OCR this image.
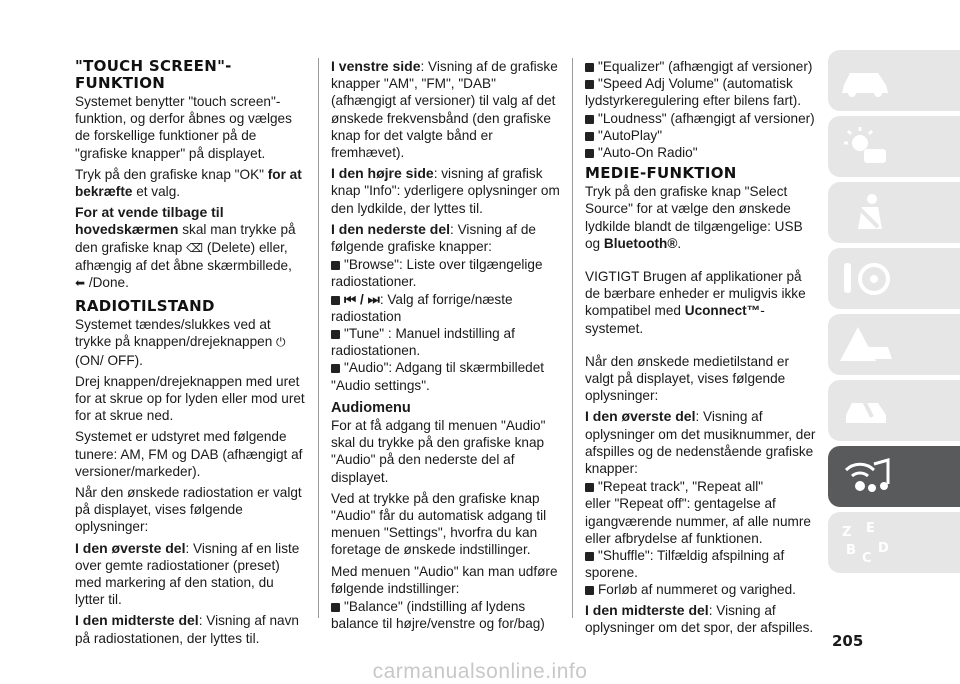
"TOUCH SCREEN"-
FUNKTION

Systemet benytter "touch screen"-funktion, og derfor åbnes og vælges de forskellige funktioner på de "grafiske knapper" på displayet.

Tryk på den grafiske knap "OK" for at bekræfte et valg.

For at vende tilbage til hovedskærmen skal man trykke på den grafiske knap ⌫ (Delete) eller, afhængig af det åbne skærmbillede, ⬅ /Done.

RADIOTILSTAND

Systemet tændes/slukkes ved at trykke på knappen/drejeknappen ⏻ (ON/ OFF).

Drej knappen/drejeknappen med uret for at skrue op for lyden eller mod uret for at skrue ned.

Systemet er udstyret med følgende tunere: AM, FM og DAB (afhængigt af versioner/markeder).

Når den ønskede radiostation er valgt på displayet, vises følgende oplysninger:

I den øverste del: Visning af en liste over gemte radiostationer (preset) med markering af den station, du lytter til.

I den midterste del: Visning af navn på radiostationen, der lyttes til.

I venstre side: Visning af de grafiske knapper "AM", "FM", "DAB" (afhængigt af versioner) til valg af det ønskede frekvensbånd (den grafiske knap for det valgte bånd er fremhævet).

I den højre side: visning af grafisk knap "Info": yderligere oplysninger om den lydkilde, der lyttes til.

I den nederste del: Visning af de følgende grafiske knapper:

"Browse": Liste over tilgængelige radiostationer.
⏮ / ⏭: Valg af forrige/næste radiostation
"Tune" : Manuel indstilling af radiostationen.
"Audio": Adgang til skærmbilledet "Audio settings".
Audiomenu

For at få adgang til menuen "Audio" skal du trykke på den grafiske knap "Audio" på den nederste del af displayet.

Ved at trykke på den grafiske knap "Audio" får du automatisk adgang til menuen "Settings", hvorfra du kan foretage de ønskede indstillinger.

Med menuen "Audio" kan man udføre følgende indstillinger:

"Balance" (indstilling af lydens balance til højre/venstre og for/bag)
"Equalizer" (afhængigt af versioner)
"Speed Adj Volume" (automatisk lydstyrkeregulering efter bilens fart).
"Loudness" (afhængigt af versioner)
"AutoPlay"
"Auto-On Radio"
MEDIE-FUNKTION

Tryk på den grafiske knap "Select Source" for at vælge den ønskede lydkilde blandt de tilgængelige: USB og Bluetooth®.

VIGTIGT Brugen af applikationer på de bærbare enheder er muligvis ikke kompatibel med Uconnect™-systemet.

Når den ønskede medietilstand er valgt på displayet, vises følgende oplysninger:

I den øverste del: Visning af oplysninger om det musiknummer, der afspilles og de nedenstående grafiske knapper:

"Repeat track", "Repeat all"

eller "Repeat off": gentagelse af igangværende nummer, af alle numre eller afbrydelse af funktionen.

"Shuffle": Tilfældig afspilning af sporene.
Forløb af nummeret og varighed.

I den midterste del: Visning af oplysninger om det spor, der afspilles.

Z E
B
C
D
205
carmanualsonline.info
